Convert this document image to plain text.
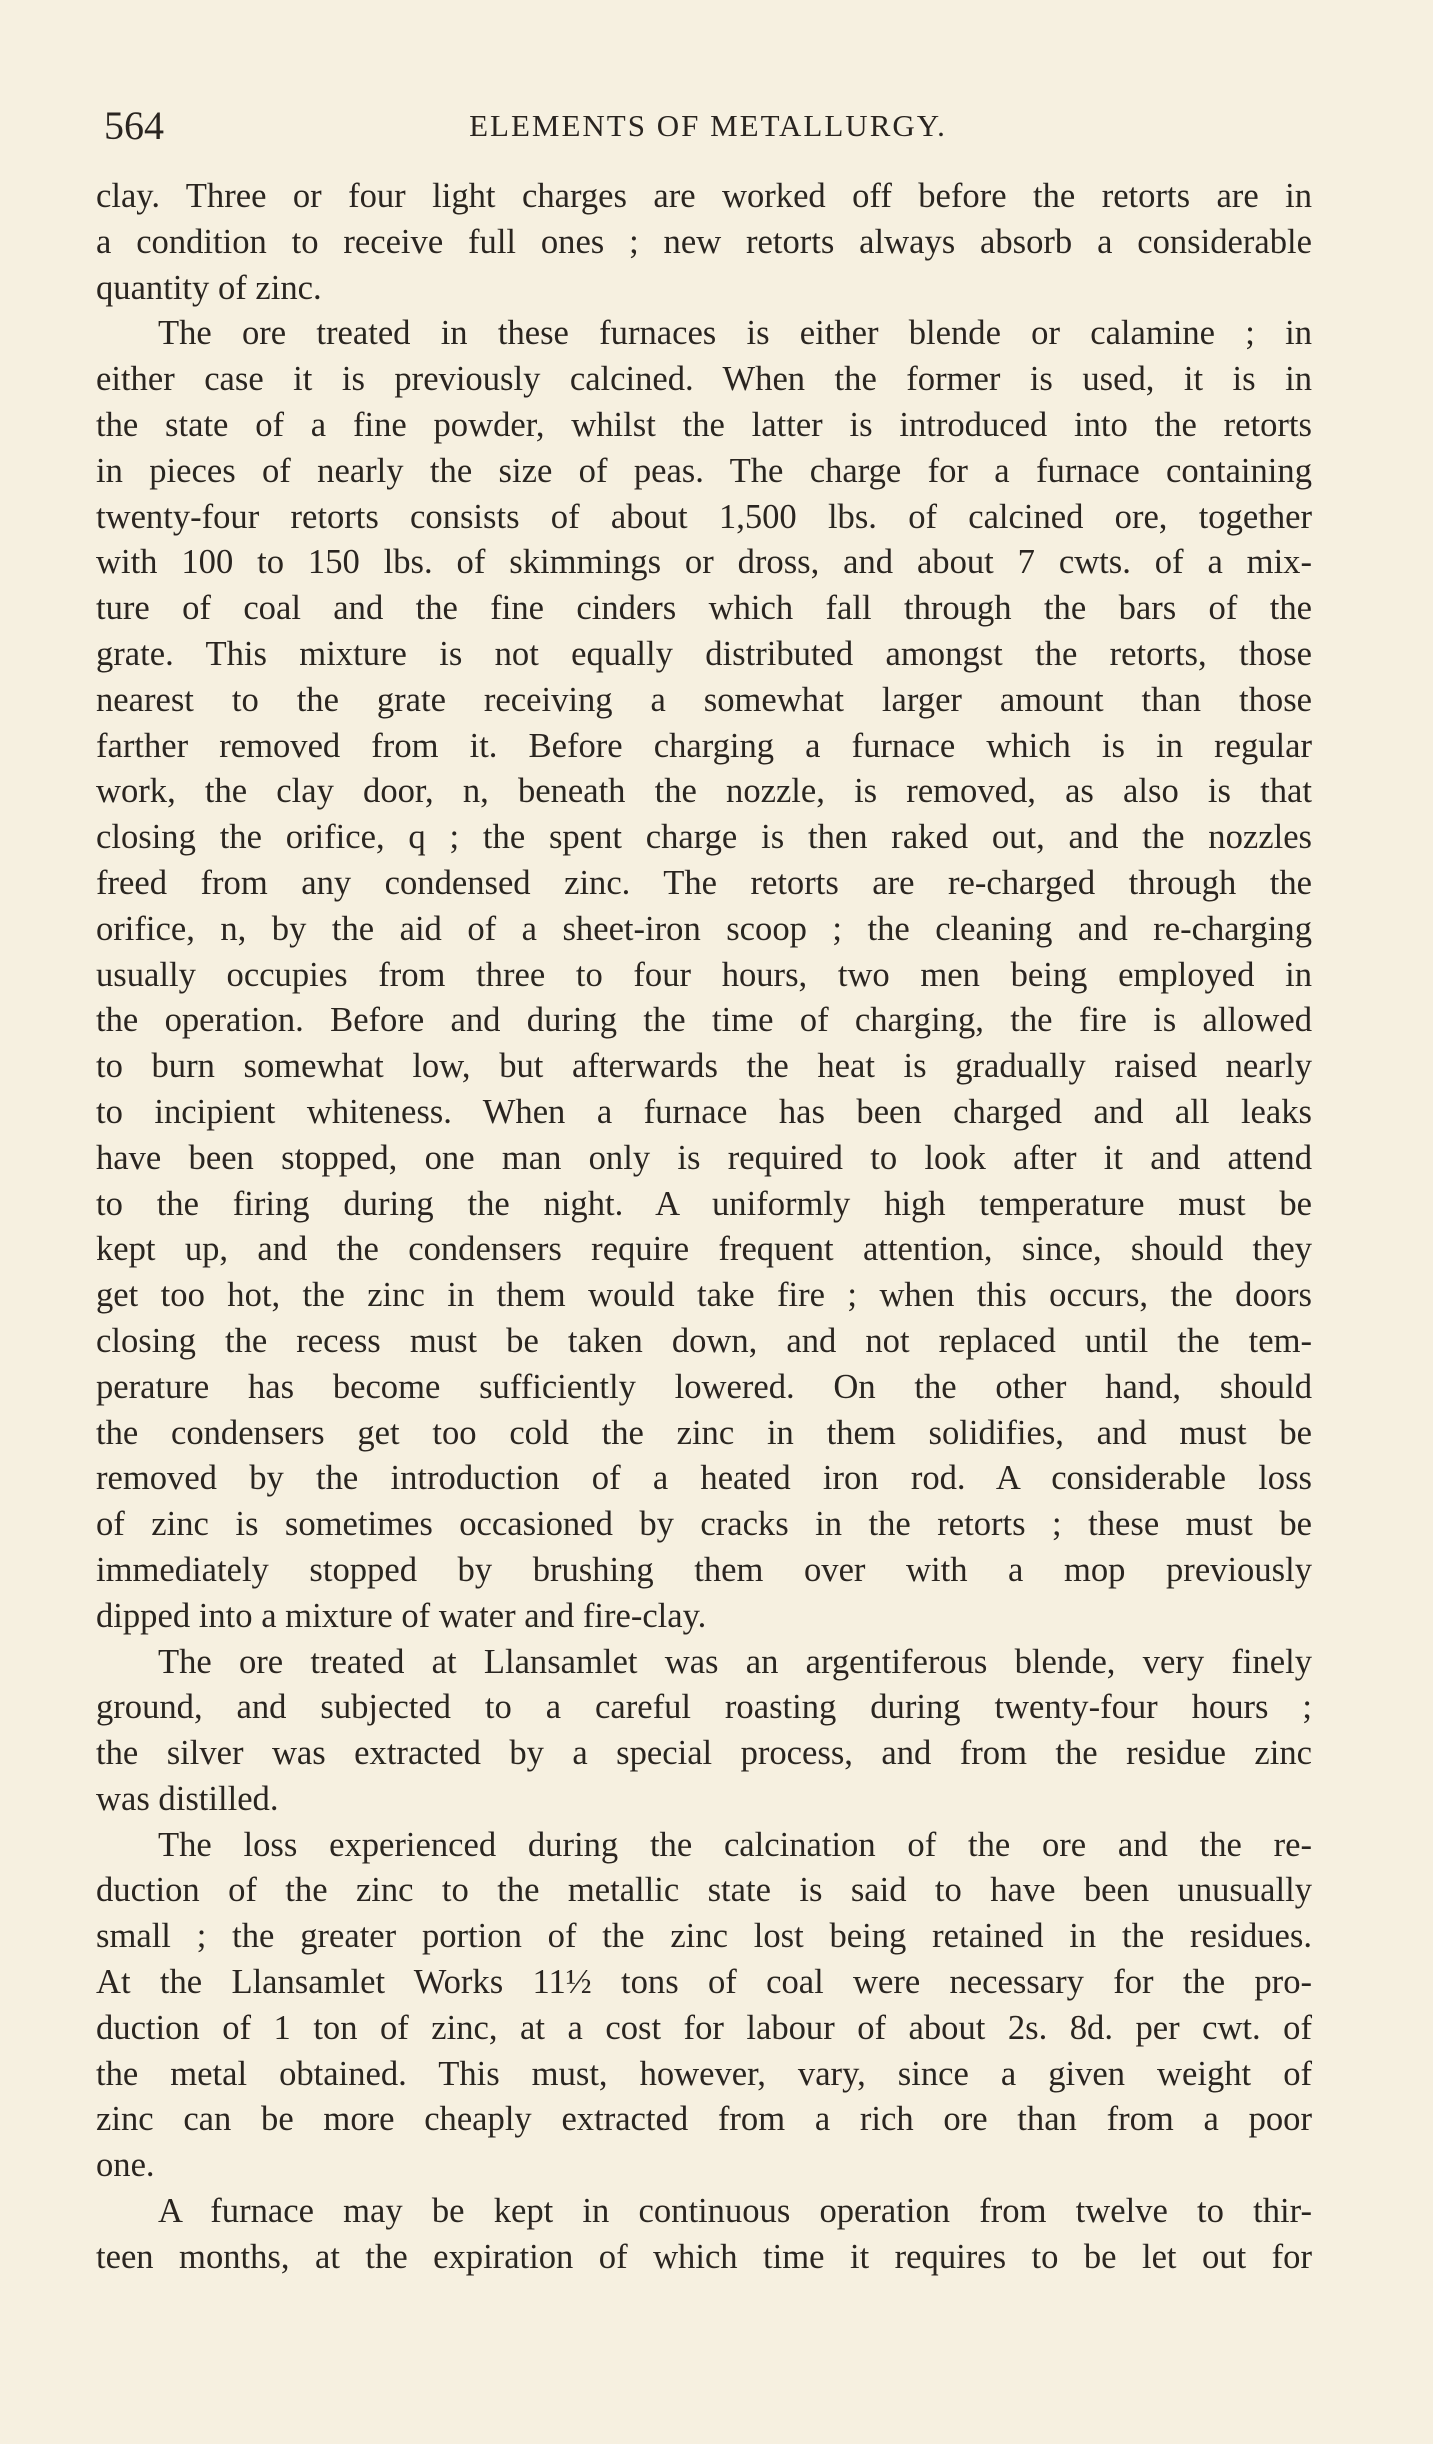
564	ELEMENTS OF METALLURGY.
clay. Three or four light charges are worked off before the retorts are in
a condition to receive full ones ; new retorts always absorb a considerable
quantity of zinc.
The ore treated in these furnaces is either blende or calamine ; in
either case it is previously calcined. When the former is used, it is in
the state of a fine powder, whilst the latter is introduced into the retorts
in pieces of nearly the size of peas. The charge for a furnace containing
twenty-four retorts consists of about 1,500 lbs. of calcined ore, together
with 100 to 150 lbs. of skimmings or dross, and about 7 cwts. of a mix-
ture of coal and the fine cinders which fall through the bars of the
grate. This mixture is not equally distributed amongst the retorts, those
nearest to the grate receiving a somewhat larger amount than those
farther removed from it. Before charging a furnace which is in regular
work, the clay door, n, beneath the nozzle, is removed, as also is that
closing the orifice, q ; the spent charge is then raked out, and the nozzles
freed from any condensed zinc. The retorts are re-charged through the
orifice, n, by the aid of a sheet-iron scoop ; the cleaning and re-charging
usually occupies from three to four hours, two men being employed in
the operation. Before and during the time of charging, the fire is allowed
to burn somewhat low, but afterwards the heat is gradually raised nearly
to incipient whiteness. When a furnace has been charged and all leaks
have been stopped, one man only is required to look after it and attend
to the firing during the night. A uniformly high temperature must be
kept up, and the condensers require frequent attention, since, should they
get too hot, the zinc in them would take fire ; when this occurs, the doors
closing the recess must be taken down, and not replaced until the tem-
perature has become sufficiently lowered. On the other hand, should
the condensers get too cold the zinc in them solidifies, and must be
removed by the introduction of a heated iron rod. A considerable loss
of zinc is sometimes occasioned by cracks in the retorts ; these must be
immediately stopped by brushing them over with a mop previously
dipped into a mixture of water and fire-clay.
The ore treated at Llansamlet was an argentiferous blende, very finely
ground, and subjected to a careful roasting during twenty-four hours ;
the silver was extracted by a special process, and from the residue zinc
was distilled.
The loss experienced during the calcination of the ore and the re-
duction of the zinc to the metallic state is said to have been unusually
small ; the greater portion of the zinc lost being retained in the residues.
At the Llansamlet Works 11½ tons of coal were necessary for the pro-
duction of 1 ton of zinc, at a cost for labour of about 2s. 8d. per cwt. of
the metal obtained. This must, however, vary, since a given weight of
zinc can be more cheaply extracted from a rich ore than from a poor
one.
A furnace may be kept in continuous operation from twelve to thir-
teen months, at the expiration of which time it requires to be let out for
